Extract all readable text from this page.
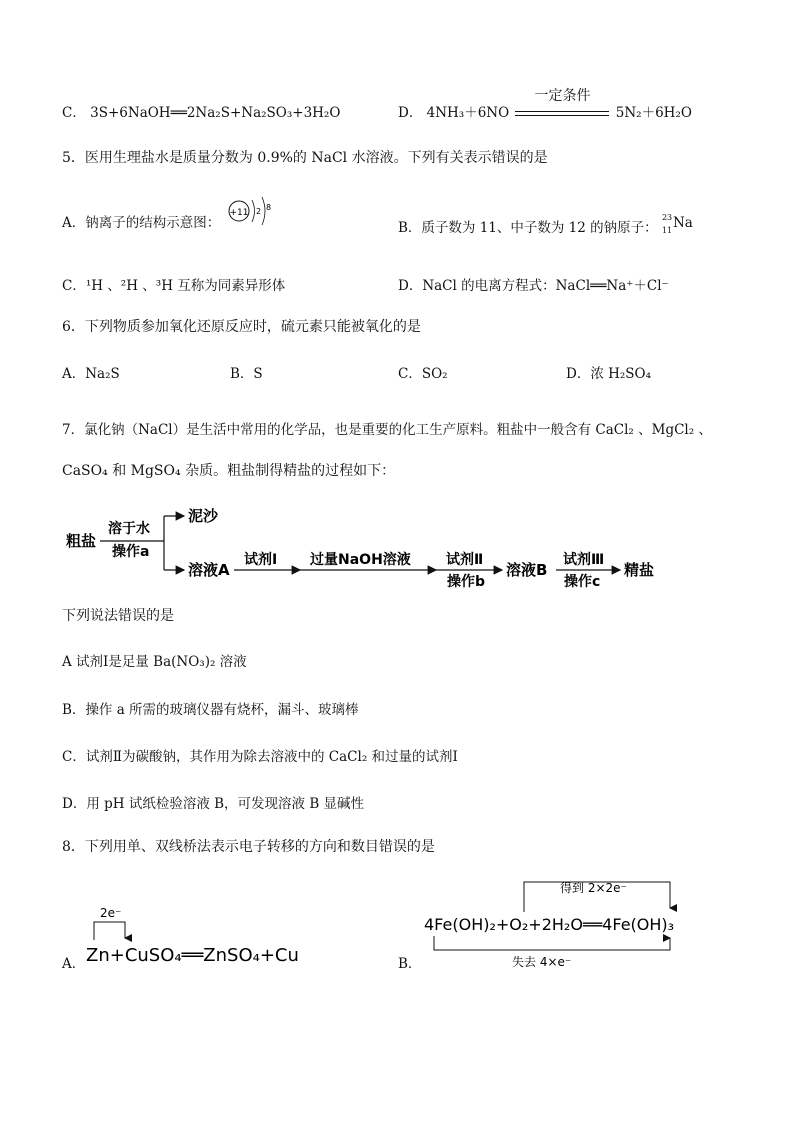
C． 3S+6NaOH══2Na₂S+Na₂SO₃+3H₂O	D． 4NH₃＋6NO
一定条件
5N₂＋6H₂O
5．医用生理盐水是质量分数为 0.9%的 NaCl 水溶液。下列有关表示错误的是
A．钠离子的结构示意图：
+11 2 8
B．质子数为 11、中子数为 12 的钠原子：
23
11 Na
C．¹H 、²H 、³H 互称为同素异形体	D．NaCl 的电离方程式：NaCl══Na⁺＋Cl⁻
6．下列物质参加氧化还原反应时，硫元素只能被氧化的是
A．Na₂S	B．S	C．SO₂	D．浓 H₂SO₄
7．氯化钠（NaCl）是生活中常用的化学品，也是重要的化工生产原料。粗盐中一般含有 CaCl₂ 、MgCl₂ 、
CaSO₄ 和 MgSO₄ 杂质。粗盐制得精盐的过程如下：
粗盐
溶于水
操作a
泥沙
溶液A
试剂Ⅰ 过量NaOH溶液	试剂Ⅱ
操作b
溶液B
试剂Ⅲ
操作c
精盐
下列说法错误的是
A 试剂Ⅰ是足量 Ba(NO₃)₂ 溶液
B．操作 a 所需的玻璃仪器有烧杯，漏斗、玻璃棒
C．试剂Ⅱ为碳酸钠，其作用为除去溶液中的 CaCl₂ 和过量的试剂Ⅰ
D．用 pH 试纸检验溶液 B，可发现溶液 B 显碱性
8．下列用单、双线桥法表示电子转移的方向和数目错误的是
A．
2e⁻
Zn+CuSO₄══ZnSO₄+Cu	B．
得到 2×2e⁻
4Fe(OH)₂+O₂+2H₂O══4Fe(OH)₃
失去 4×e⁻
